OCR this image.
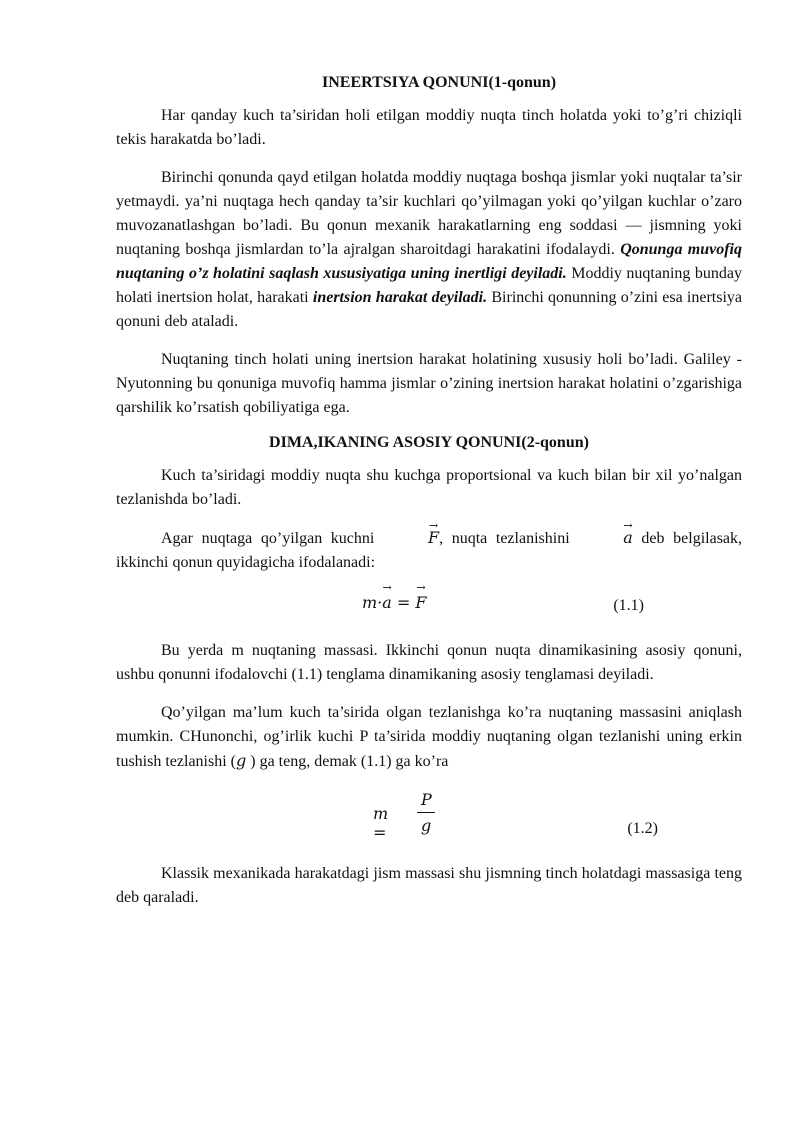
INEERTSIYA QONUNI(1-qonun)

Har qanday kuch ta’siridan holi etilgan moddiy nuqta tinch holatda yoki to’g’ri chiziqli tekis harakatda bo’ladi.

Birinchi qonunda qayd etilgan holatda moddiy nuqtaga boshqa jismlar yoki nuqtalar ta’sir yetmaydi. ya’ni nuqtaga hech qanday ta’sir kuchlari qo’yilmagan yoki qo’yilgan kuchlar o’zaro muvozanatlashgan bo’ladi. Bu qonun mexanik harakatlarning eng soddasi — jismning yoki nuqtaning boshqa jismlardan to’la ajralgan sharoitdagi harakatini ifodalaydi. Qonunga muvofiq nuqtaning o’z holatini saqlash xususiyatiga uning inertligi deyiladi. Moddiy nuqtaning bunday holati inertsion holat, harakati inertsion harakat deyiladi. Birinchi qonunning o’zini esa inertsiya qonuni deb ataladi.

Nuqtaning tinch holati uning inertsion harakat holatining xususiy holi bo’ladi. Galiley - Nyutonning bu qonuniga muvofiq hamma jismlar o’zining inertsion harakat holatini o’zgarishiga qarshilik ko’rsatish qobiliyatiga ega.

DIMA,IKANING ASOSIY QONUNI(2-qonun)

Kuch ta’siridagi moddiy nuqta shu kuchga proportsional va kuch bilan bir xil yo’nalgan tezlanishda bo’ladi.

Agar nuqtaga qo’yilgan kuchni	→ F, nuqta tezlanishini	→ a deb belgilasak, ikkinchi qonun quyidagicha ifodalanadi:

m·→ a = → F	(1.1)

Bu yerda m nuqtaning massasi. Ikkinchi qonun nuqta dinamikasining asosiy qonuni, ushbu qonunni ifodalovchi (1.1) tenglama dinamikaning asosiy tenglamasi deyiladi.

Qo’yilgan ma’lum kuch ta’sirida olgan tezlanishga ko’ra nuqtaning massasini aniqlash mumkin. CHunonchi, og’irlik kuchi P ta’sirida moddiy nuqtaning olgan tezlanishi uning erkin tushish tezlanishi (g ) ga teng, demak (1.1) ga ko’ra

m =
P
g	(1.2)

Klassik mexanikada harakatdagi jism massasi shu jismning tinch holatdagi massasiga teng deb qaraladi.
